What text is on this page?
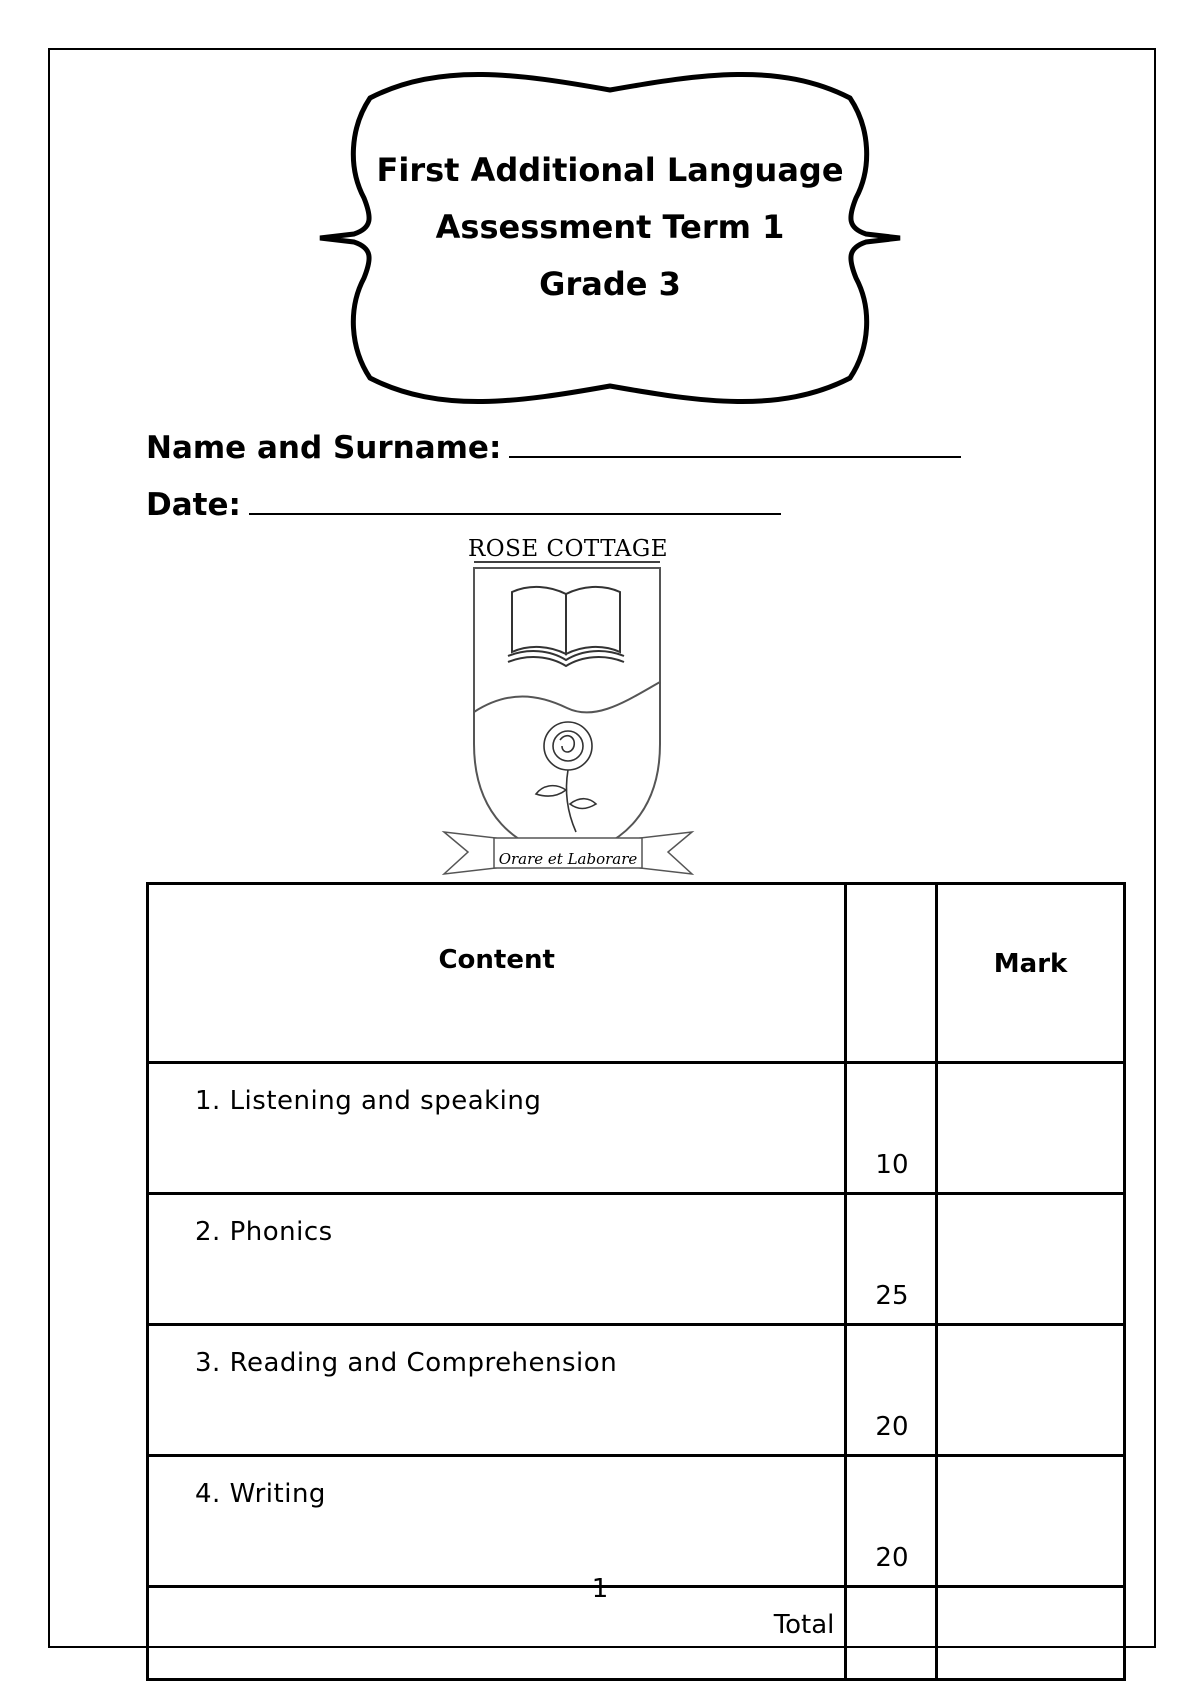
First Additional Language
Assessment Term 1
Grade 3
Name and Surname:
Date:
ROSE COTTAGE
Orare et Laborare
Content		Mark
1. Listening and speaking	10	
2. Phonics	25	
3. Reading and Comprehension	20	
4. Writing	20	
Total		
1
